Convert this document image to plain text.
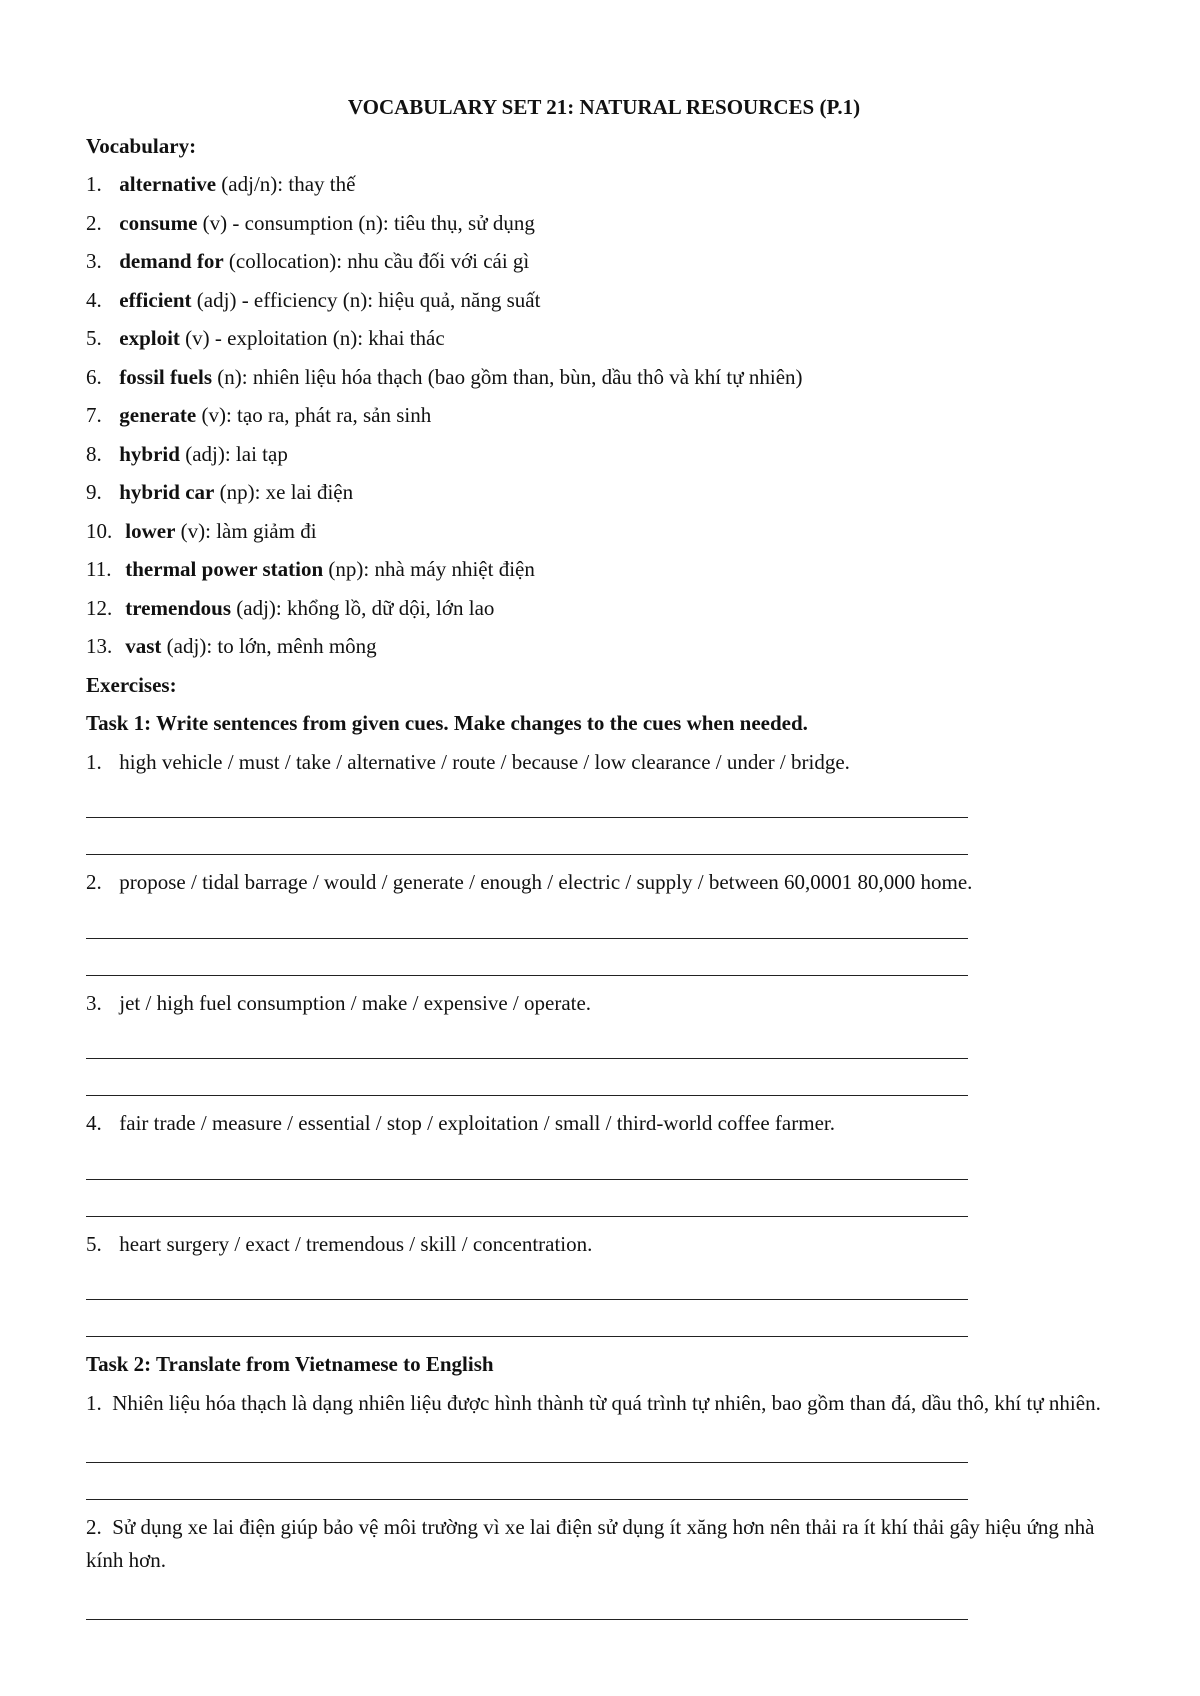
VOCABULARY SET 21: NATURAL RESOURCES (P.1)
Vocabulary:
1. alternative (adj/n): thay thế
2. consume (v) - consumption (n): tiêu thụ, sử dụng
3. demand for (collocation): nhu cầu đối với cái gì
4. efficient (adj) - efficiency (n): hiệu quả, năng suất
5. exploit (v) - exploitation (n): khai thác
6. fossil fuels (n): nhiên liệu hóa thạch (bao gồm than, bùn, dầu thô và khí tự nhiên)
7. generate (v): tạo ra, phát ra, sản sinh
8. hybrid (adj): lai tạp
9. hybrid car (np): xe lai điện
10. lower (v): làm giảm đi
11. thermal power station (np): nhà máy nhiệt điện
12. tremendous (adj): khổng lồ, dữ dội, lớn lao
13. vast (adj): to lớn, mênh mông
Exercises:
Task 1: Write sentences from given cues. Make changes to the cues when needed.
1.
high vehicle / must / take / alternative / route / because / low clearance / under / bridge.
2.
propose / tidal barrage / would / generate / enough / electric / supply / between 60,0001 80,000 home.
3.
jet / high fuel consumption / make / expensive / operate.
4.
fair trade / measure / essential / stop / exploitation / small / third-world coffee farmer.
5.
heart surgery / exact / tremendous / skill / concentration.
Task 2: Translate from Vietnamese to English
1. Nhiên liệu hóa thạch là dạng nhiên liệu được hình thành từ quá trình tự nhiên, bao gồm than đá, dầu thô, khí tự nhiên.
2. Sử dụng xe lai điện giúp bảo vệ môi trường vì xe lai điện sử dụng ít xăng hơn nên thải ra ít khí thải gây hiệu ứng nhà kính hơn.
